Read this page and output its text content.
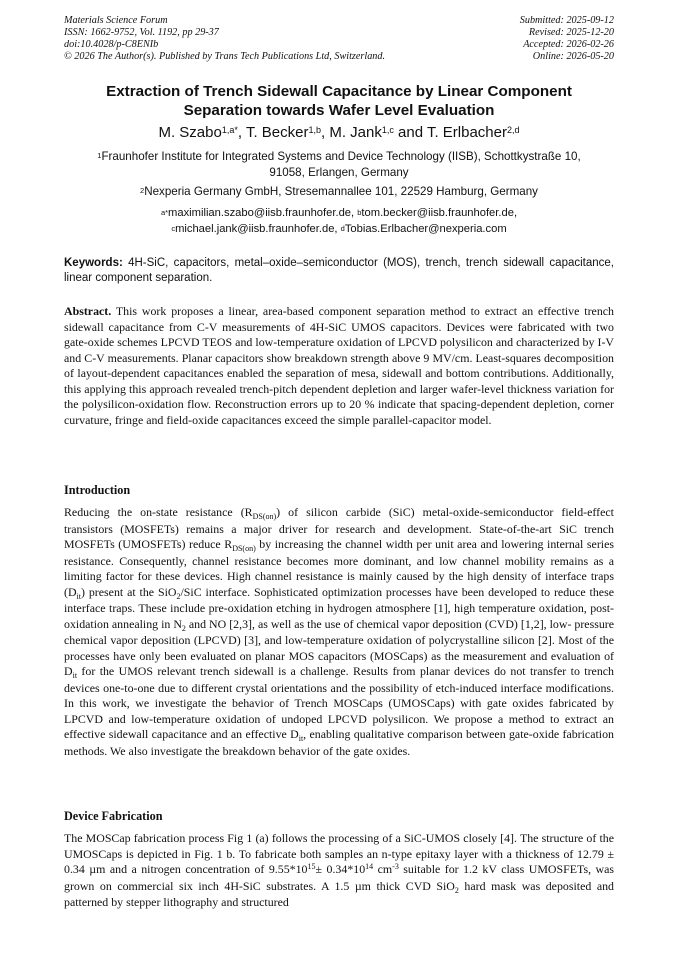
Materials Science Forum
ISSN: 1662-9752, Vol. 1192, pp 29-37
doi:10.4028/p-C8ENIb
© 2026 The Author(s). Published by Trans Tech Publications Ltd, Switzerland.
Submitted: 2025-09-12
Revised: 2025-12-20
Accepted: 2026-02-26
Online: 2026-05-20
Extraction of Trench Sidewall Capacitance by Linear Component
Separation towards Wafer Level Evaluation
M. Szabo$^{1,a*}$, T. Becker$^{1,b}$, M. Jank$^{1,c}$ and T. Erlbacher$^{2,d}$
$^1$Fraunhofer Institute for Integrated Systems and Device Technology (IISB), Schottkystraße 10,
91058, Erlangen, Germany
$^2$Nexperia Germany GmbH, Stresemannallee 101, 22529 Hamburg, Germany
$^{a*}$maximilian.szabo@iisb.fraunhofer.de, $^b$tom.becker@iisb.fraunhofer.de,
$^c$michael.jank@iisb.fraunhofer.de, $^d$Tobias.Erlbacher@nexperia.com
Keywords: 4H-SiC, capacitors, metal–oxide–semiconductor (MOS), trench, trench sidewall capacitance, linear component separation.
Abstract. This work proposes a linear, area-based component separation method to extract an effective trench sidewall capacitance from C-V measurements of 4H-SiC UMOS capacitors. Devices were fabricated with two gate-oxide schemes LPCVD TEOS and low-temperature oxidation of LPCVD polysilicon and characterized by I-V and C-V measurements. Planar capacitors show breakdown strength above 9 MV/cm. Least-squares decomposition of layout-dependent capacitances enabled the separation of mesa, sidewall and bottom contributions. Additionally, this applying this approach revealed trench-pitch dependent depletion and larger wafer-level thickness variation for the polysilicon-oxidation flow. Reconstruction errors up to 20 % indicate that spacing-dependent depletion, corner curvature, fringe and field-oxide capacitances exceed the simple parallel-capacitor model.
Introduction
Reducing the on-state resistance $(R_{DS(on)})$ of silicon carbide (SiC) metal-oxide-semiconductor field-effect transistors (MOSFETs) remains a major driver for research and development. State-of-the-art SiC trench MOSFETs (UMOSFETs) reduce $R_{DS(on)}$ by increasing the channel width per unit area and lowering internal series resistance. Consequently, channel resistance becomes more dominant, and low channel mobility remains as a limiting factor for these devices. High channel resistance is mainly caused by the high density of interface traps $(D_{it})$ present at the SiO$_2$/SiC interface. Sophisticated optimization processes have been developed to reduce these interface traps. These include pre-oxidation etching in hydrogen atmosphere [1], high temperature oxidation, post-oxidation annealing in $N_2$ and NO [2,3], as well as the use of chemical vapor deposition (CVD) [1,2], low- pressure chemical vapor deposition (LPCVD) [3], and low-temperature oxidation of polycrystalline silicon [2]. Most of the processes have only been evaluated on planar MOS capacitors (MOSCaps) as the measurement and evaluation of $D_{it}$ for the UMOS relevant trench sidewall is a challenge. Results from planar devices do not transfer to trench devices one-to-one due to different crystal orientations and the possibility of etch-induced interface modifications. In this work, we investigate the behavior of Trench MOSCaps (UMOSCaps) with gate oxides fabricated by LPCVD and low-temperature oxidation of undoped LPCVD polysilicon. We propose a method to extract an effective sidewall capacitance and an effective $D_{it}$, enabling qualitative comparison between gate-oxide fabrication methods. We also investigate the breakdown behavior of the gate oxides.
Device Fabrication
The MOSCap fabrication process Fig 1 (a) follows the processing of a SiC-UMOS closely [4]. The structure of the UMOSCaps is depicted in Fig. 1 b. To fabricate both samples an n-type epitaxy layer with a thickness of 12.79 ± 0.34 µm and a nitrogen concentration of $9.55*10^{15}\pm 0.34*10^{14}$ $cm^{-3}$ suitable for 1.2 kV class UMOSFETs, was grown on commercial six inch 4H-SiC substrates. A 1.5 µm thick CVD SiO$_2$ hard mask was deposited and patterned by stepper lithography and structured
